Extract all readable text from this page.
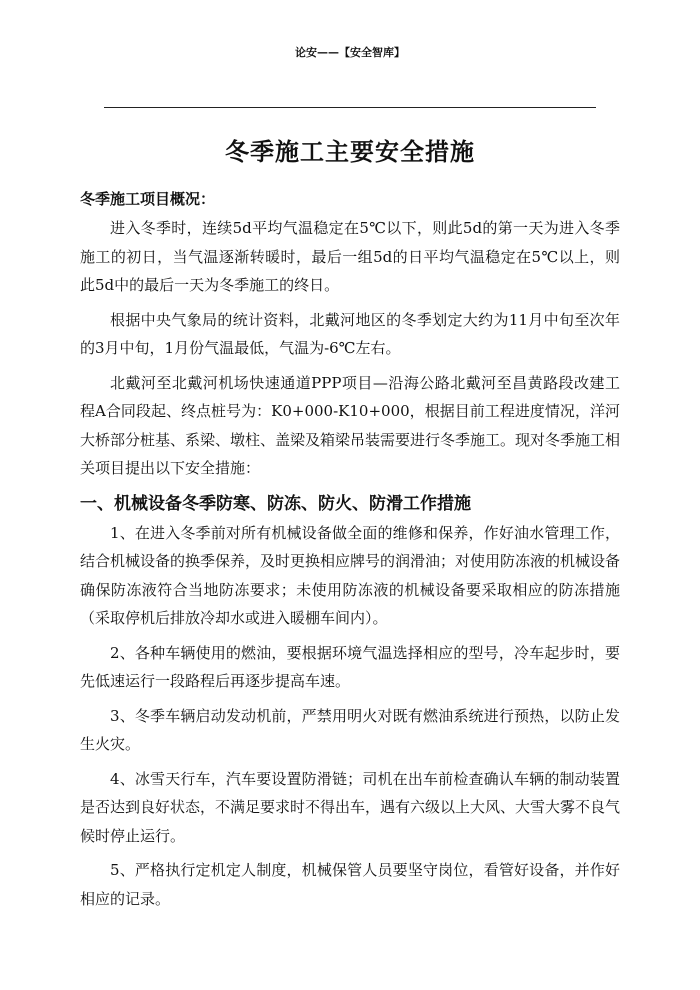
论安——【安全智库】
冬季施工主要安全措施
冬季施工项目概况：

进入冬季时，连续5d平均气温稳定在5℃以下，则此5d的第一天为进入冬季施工的初日，当气温逐渐转暖时，最后一组5d的日平均气温稳定在5℃以上，则此5d中的最后一天为冬季施工的终日。

根据中央气象局的统计资料，北戴河地区的冬季划定大约为11月中旬至次年的3月中旬，1月份气温最低，气温为-6℃左右。

北戴河至北戴河机场快速通道PPP项目—沿海公路北戴河至昌黄路段改建工程A合同段起、终点桩号为：K0+000-K10+000，根据目前工程进度情况，洋河大桥部分桩基、系梁、墩柱、盖梁及箱梁吊装需要进行冬季施工。现对冬季施工相关项目提出以下安全措施：

一、机械设备冬季防寒、防冻、防火、防滑工作措施

1、在进入冬季前对所有机械设备做全面的维修和保养，作好油水管理工作，结合机械设备的换季保养，及时更换相应牌号的润滑油；对使用防冻液的机械设备确保防冻液符合当地防冻要求；未使用防冻液的机械设备要采取相应的防冻措施（采取停机后排放冷却水或进入暖棚车间内）。

2、各种车辆使用的燃油，要根据环境气温选择相应的型号，冷车起步时，要先低速运行一段路程后再逐步提高车速。

3、冬季车辆启动发动机前，严禁用明火对既有燃油系统进行预热，以防止发生火灾。

4、冰雪天行车，汽车要设置防滑链；司机在出车前检查确认车辆的制动装置是否达到良好状态，不满足要求时不得出车，遇有六级以上大风、大雪大雾不良气候时停止运行。

5、严格执行定机定人制度，机械保管人员要坚守岗位，看管好设备，并作好相应的记录。
